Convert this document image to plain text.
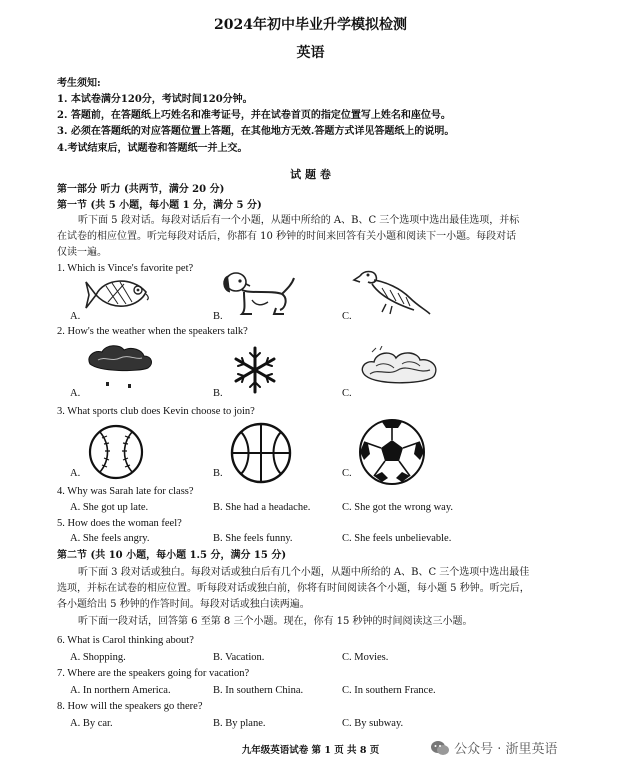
2024年初中毕业升学模拟检测
英语
考生须知:
1. 本试卷满分120分，考试时间120分钟。
2. 答题前，在答题纸上巧姓名和准考证号，并在试卷首页的指定位置写上姓名和座位号。
3. 必须在答题纸的对应答题位置上答题，在其他地方无效.答题方式详见答题纸上的说明。
4.考试结束后，试题卷和答题纸一并上交。
试 题 卷
第一部分 听力 (共两节，满分 20 分)
第一节 (共 5 小题，每小题 1 分，满分 5 分)
听下面 5 段对话。每段对话后有一个小题，从题中所给的 A、B、C 三个选项中选出最佳选项，并标
在试卷的相应位置。听完每段对话后，你都有 10 秒钟的时间来回答有关小题和阅读下一小题。每段对话
仅读一遍。
1. Which is Vince's favorite pet?
A.	B.	C.
2. How's the weather when the speakers talk?
A.	B.	C.
3. What sports club does Kevin choose to join?
A.	B.	C.
4. Why was Sarah late for class?
A. She got up late.	B. She had a headache.	C. She got the wrong way.
5. How does the woman feel?
A. She feels angry.	B. She feels funny.	C. She feels unbelievable.
第二节 (共 10 小题，每小题 1.5 分，满分 15 分)
听下面 3 段对话或独白。每段对话或独白后有几个小题，从题中所给的 A、B、C 三个选项中选出最佳
选项，并标在试卷的相应位置。听每段对话或独白前，你将有时间阅读各个小题，每小题 5 秒钟。听完后，
各小题给出 5 秒钟的作答时间。每段对话或独白读两遍。
听下面一段对话，回答第 6 至第 8 三个小题。现在，你有 15 秒钟的时间阅读这三小题。
6. What is Carol thinking about?
A. Shopping.	B. Vacation.	C. Movies.
7. Where are the speakers going for vacation?
A. In northern America.	B. In southern China.	C. In southern France.
8. How will the speakers go there?
A. By car.	B. By plane.	C. By subway.
九年级英语试卷 第 1 页 共 8 页	公众号 · 浙里英语
